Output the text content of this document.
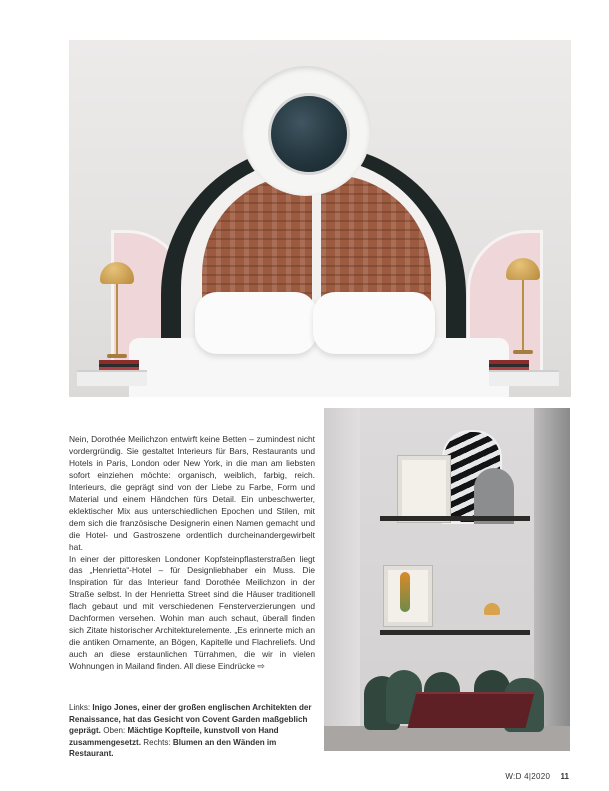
Nein, Dorothée Meilichzon entwirft keine Betten – zumindest nicht vordergründig. Sie gestaltet Interieurs für Bars, Restaurants und Hotels in Paris, London oder New York, in die man am liebsten sofort einziehen möchte: organisch, weiblich, farbig, reich. Interieurs, die geprägt sind von der Liebe zu Farbe, Form und Material und einem Händchen fürs Detail. Ein unbeschwerter, eklektischer Mix aus unterschiedlichen Epochen und Stilen, mit dem sich die französische Designerin einen Namen gemacht und die Hotel- und Gastroszene ordentlich durcheinandergewirbelt hat.

In einer der pittoresken Londoner Kopfsteinpflasterstraßen liegt das „Henrietta“-Hotel – für Designliebhaber ein Muss. Die Inspiration für das Interieur fand Dorothée Meilichzon in der Straße selbst. In der Henrietta Street sind die Häuser traditionell flach gebaut und mit verschiedenen Fensterverzierungen und Dachformen versehen. Wohin man auch schaut, überall finden sich Zitate historischer Architekturelemente. „Es erinnerte mich an die antiken Ornamente, an Bögen, Kapitelle und Flachreliefs. Und auch an diese erstaunlichen Türrahmen, die wir in vielen Wohnungen in Mailand finden. All diese Eindrücke ⇨

Links: Inigo Jones, einer der großen englischen Architekten der Renaissance, hat das Gesicht von Covent Garden maßgeblich geprägt. Oben: Mächtige Kopfteile, kunstvoll von Hand zusammengesetzt. Rechts: Blumen an den Wänden im Restaurant.
W:D 4|2020 11
